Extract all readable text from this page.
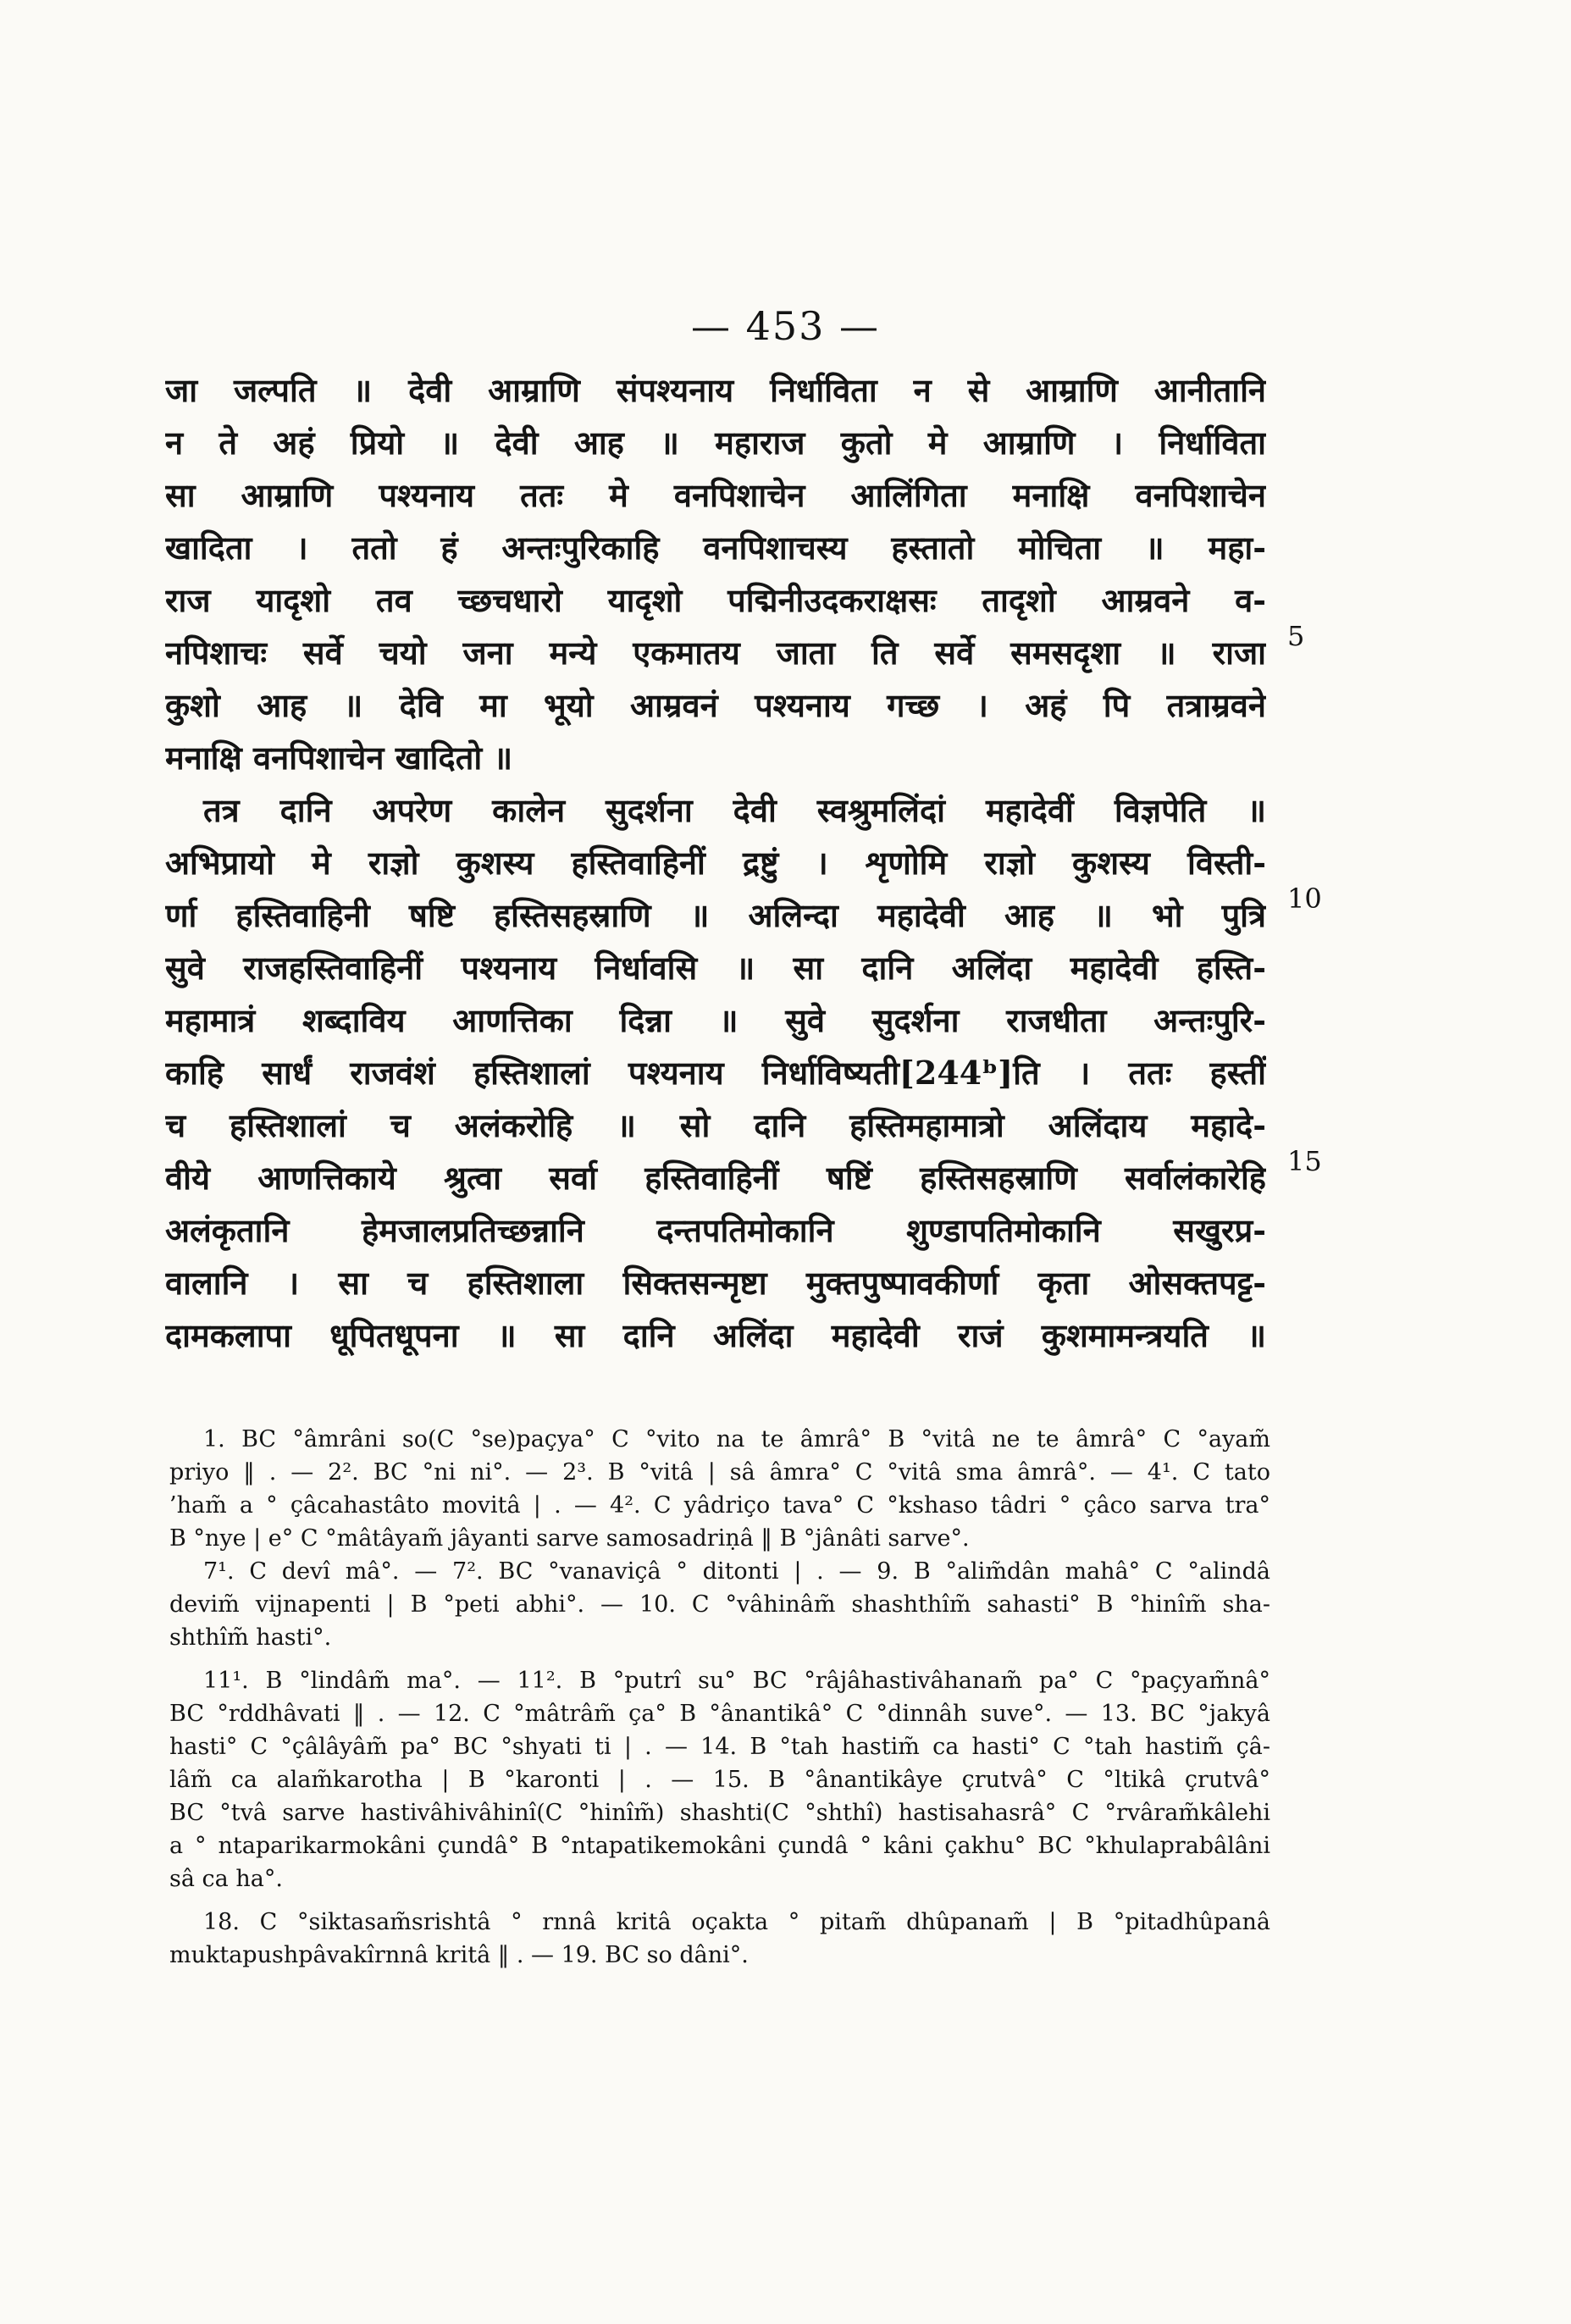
— 453 —
जा जल्पति ॥ देवी आम्राणि संपश्यनाय निर्धाविता न से आम्राणि आनीतानि
न ते अहं प्रियो ॥ देवी आह ॥ महाराज कुतो मे आम्राणि । निर्धाविता
सा आम्राणि पश्यनाय ततः मे वनपिशाचेन आलिंगिता मनाक्षि वनपिशाचेन
खादिता । ततो हं अन्तःपुरिकाहि वनपिशाचस्य हस्तातो मोचिता ॥ महा-
राज यादृशो तव च्छचधारो यादृशो पद्मिनीउदकराक्षसः तादृशो आम्रवने व-
नपिशाचः सर्वे चयो जना मन्ये एकमातय जाता ति सर्वे समसदृशा ॥ राजा
कुशो आह ॥ देवि मा भूयो आम्रवनं पश्यनाय गच्छ । अहं पि तत्राम्रवने
मनाक्षि वनपिशाचेन खादितो ॥
तत्र दानि अपरेण कालेन सुदर्शना देवी स्वश्रुमलिंदां महादेवीं विज्ञपेति ॥
अभिप्रायो मे राज्ञो कुशस्य हस्तिवाहिनीं द्रष्टुं । शृणोमि राज्ञो कुशस्य विस्ती-
र्णा हस्तिवाहिनी षष्टि हस्तिसहस्राणि ॥ अलिन्दा महादेवी आह ॥ भो पुत्रि
सुवे राजहस्तिवाहिनीं पश्यनाय निर्धावसि ॥ सा दानि अलिंदा महादेवी हस्ति-
महामात्रं शब्दाविय आणत्तिका दिन्ना ॥ सुवे सुदर्शना राजधीता अन्तःपुरि-
काहि सार्धं राजवंशं हस्तिशालां पश्यनाय निर्धाविष्यती[244ᵇ]ति । ततः हस्तीं
च हस्तिशालां च अलंकरोहि ॥ सो दानि हस्तिमहामात्रो अलिंदाय महादे-
वीये आणत्तिकाये श्रुत्वा सर्वा हस्तिवाहिनीं षष्टिं हस्तिसहस्राणि सर्वालंकारेहि
अलंकृतानि हेमजालप्रतिच्छन्नानि दन्तपतिमोकानि शुण्डापतिमोकानि सखुरप्र-
वालानि । सा च हस्तिशाला सिक्तसन्मृष्टा मुक्तपुष्पावकीर्णा कृता ओसक्तपट्ट-
दामकलापा धूपितधूपना ॥ सा दानि अलिंदा महादेवी राजं कुशमामन्त्रयति ॥
5
10
15
1. BC °âmrâni so(C °se)paçya° C °vito na te âmrâ° B °vitâ ne te âmrâ° C °ayam̃
priyo ‖ . — 2². BC °ni ni°. — 2³. B °vitâ | sâ âmra° C °vitâ sma âmrâ°. — 4¹. C tato
’ham̃ a ° çâcahastâto movitâ | . — 4². C yâdriço tava° C °kshaso tâdri ° çâco sarva tra°
B °nye | e° C °mâtâyam̃ jâyanti sarve samosadriṇâ ‖ B °jânâti sarve°.
7¹. C devî mâ°. — 7². BC °vanaviçâ ° ditonti | . — 9. B °alim̃dân mahâ° C °alindâ
devim̃ vijnapenti | B °peti abhi°. — 10. C °vâhinâm̃ shashthîm̃ sahasti° B °hinîm̃ sha-
shthîm̃ hasti°.
11¹. B °lindâm̃ ma°. — 11². B °putrî su° BC °râjâhastivâhanam̃ pa° C °paçyam̃nâ°
BC °rddhâvati ‖ . — 12. C °mâtrâm̃ ça° B °ânantikâ° C °dinnâh suve°. — 13. BC °jakyâ
hasti° C °çâlâyâm̃ pa° BC °shyati ti | . — 14. B °tah hastim̃ ca hasti° C °tah hastim̃ çâ-
lâm̃ ca alam̃karotha | B °karonti | . — 15. B °ânantikâye çrutvâ° C °ltikâ çrutvâ°
BC °tvâ sarve hastivâhivâhinî(C °hinîm̃) shashti(C °shthî) hastisahasrâ° C °rvâram̃kâlehi
a ° ntaparikarmokâni çundâ° B °ntapatikemokâni çundâ ° kâni çakhu° BC °khulaprabâlâni
sâ ca ha°.
18. C °siktasam̃srishtâ ° rnnâ kritâ oçakta ° pitam̃ dhûpanam̃ | B °pitadhûpanâ
muktapushpâvakîrnnâ kritâ ‖ . — 19. BC so dâni°.
